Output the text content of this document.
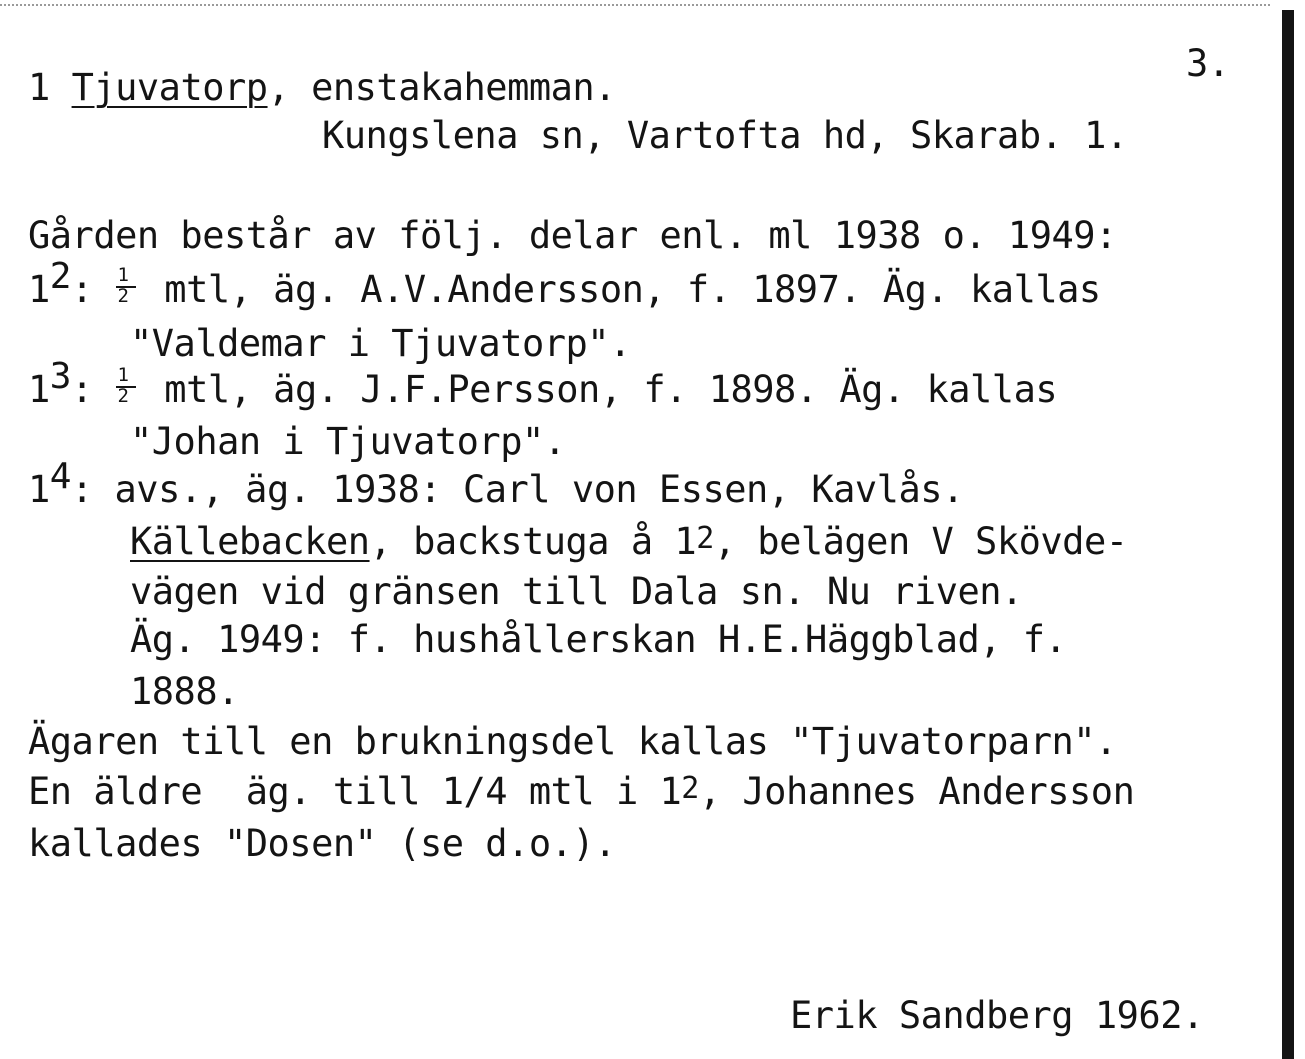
3.
1 Tjuvatorp, enstakahemman.
Kungslena sn, Vartofta hd, Skarab. 1.
Gården består av följ. delar enl. ml 1938 o. 1949:
$1^2$: $\frac{1}{2}$ mtl, äg. A.V.Andersson, f. 1897. Äg. kallas
"Valdemar i Tjuvatorp".
$1^3$: $\frac{1}{2}$ mtl, äg. J.F.Persson, f. 1898. Äg. kallas
"Johan i Tjuvatorp".
$1^4$: avs., äg. 1938: Carl von Essen, Kavlås.
Källebacken, backstuga å $1^2$, belägen V Skövde-
vägen vid gränsen till Dala sn. Nu riven.
Äg. 1949: f. hushållerskan H.E.Häggblad, f.
1888.
Ägaren till en brukningsdel kallas "Tjuvatorparn".
En äldre  äg. till 1/4 mtl i $1^2$, Johannes Andersson
kallades "Dosen" (se d.o.).
Erik Sandberg 1962.
